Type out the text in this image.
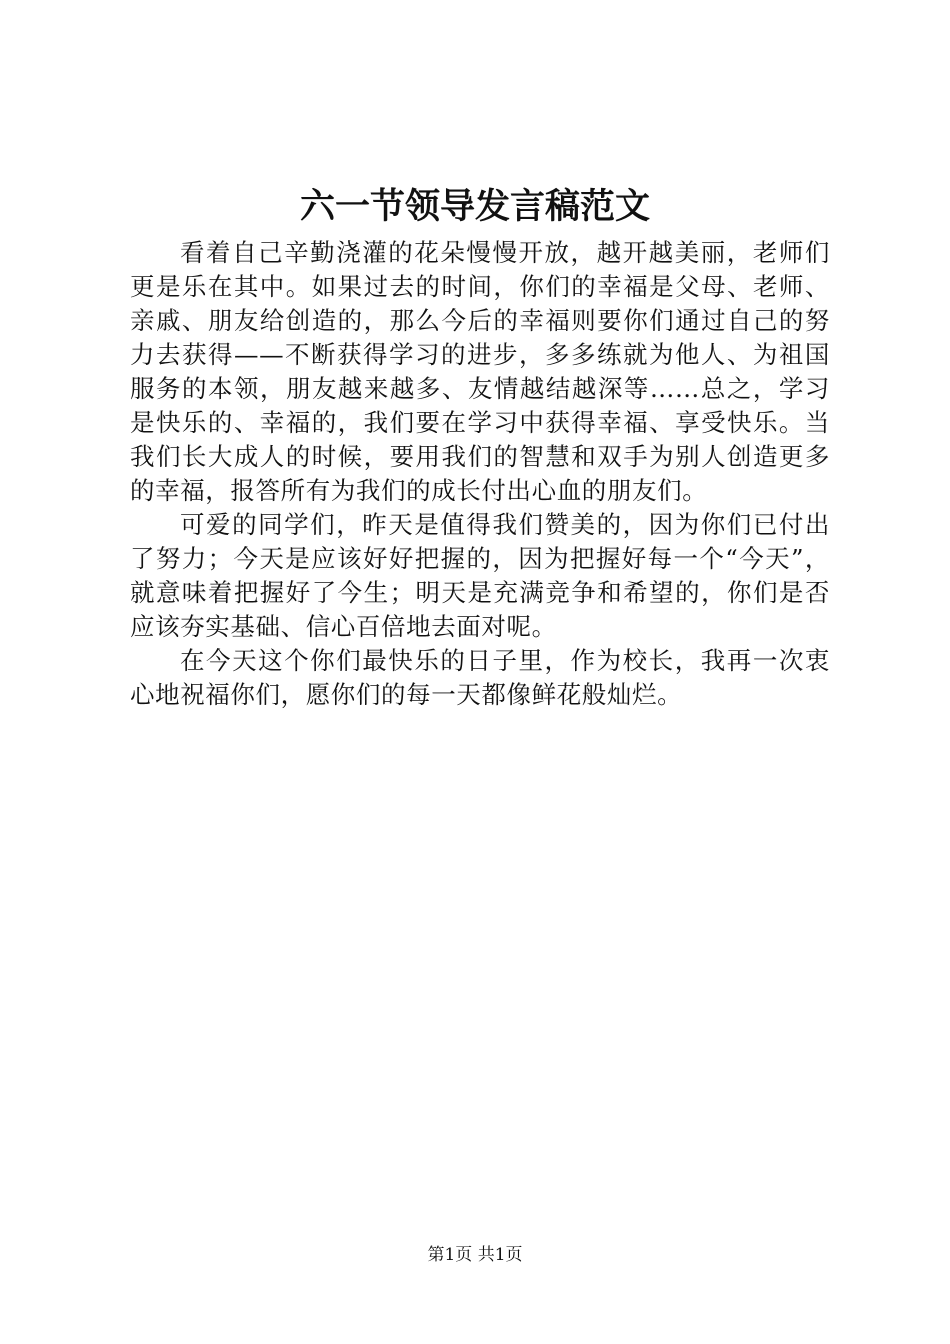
六一节领导发言稿范文

看着自己辛勤浇灌的花朵慢慢开放，越开越美丽，老师们更是乐在其中。如果过去的时间，你们的幸福是父母、老师、亲戚、朋友给创造的，那么今后的幸福则要你们通过自己的努力去获得——不断获得学习的进步，多多练就为他人、为祖国服务的本领，朋友越来越多、友情越结越深等……总之，学习是快乐的、幸福的，我们要在学习中获得幸福、享受快乐。当我们长大成人的时候，要用我们的智慧和双手为别人创造更多的幸福，报答所有为我们的成长付出心血的朋友们。

可爱的同学们，昨天是值得我们赞美的，因为你们已付出了努力；今天是应该好好把握的，因为把握好每一个“今天”，就意味着把握好了今生；明天是充满竞争和希望的，你们是否应该夯实基础、信心百倍地去面对呢。

在今天这个你们最快乐的日子里，作为校长，我再一次衷心地祝福你们，愿你们的每一天都像鲜花般灿烂。

第1页 共1页
